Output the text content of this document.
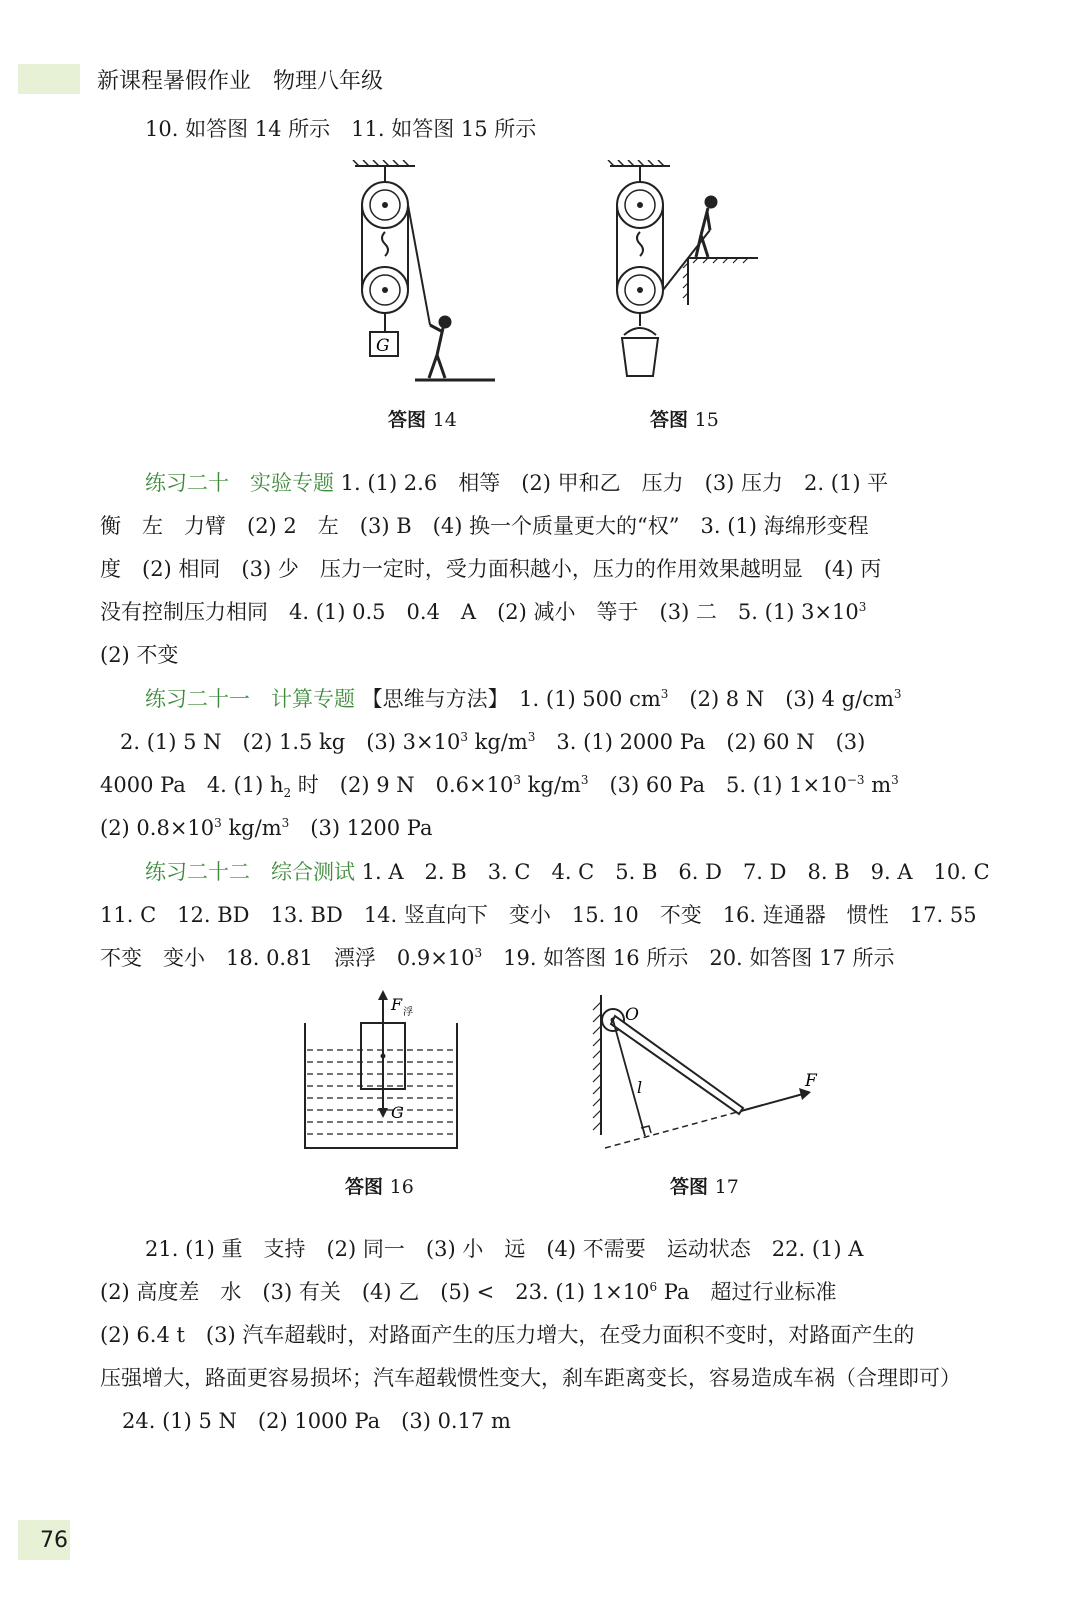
新课程暑假作业　物理八年级
10. 如答图 14 所示　11. 如答图 15 所示
G
答图 14	答图 15
练习二十　实验专题 1. (1) 2.6　相等　(2) 甲和乙　压力　(3) 压力　2. (1) 平
衡　左　力臂　(2) 2　左　(3) B　(4) 换一个质量更大的“权”　3. (1) 海绵形变程
度　(2) 相同　(3) 少　压力一定时，受力面积越小，压力的作用效果越明显　(4) 丙
没有控制压力相同　4. (1) 0.5　0.4　A　(2) 减小　等于　(3) 二　5. (1) $3\times 10^3$
(2) 不变
练习二十一　计算专题 【思维与方法】　1. (1) 500 $cm^3$　(2) 8 N　(3) 4 $g/cm^3$
2. (1) 5 N　(2) 1.5 kg　(3) $3\times 10^3$ $kg/m^3$　3. (1) 2000 Pa　(2) 60 N　(3)
4000 Pa　4. (1) $h_2$ 时　(2) 9 N　$0.6\times 10^3$ $kg/m^3$　(3) 60 Pa　5. (1) $1\times 10^{-3}$ $m^3$
(2) $0.8\times 10^3$ $kg/m^3$　(3) 1200 Pa
练习二十二　综合测试 1. A　2. B　3. C　4. C　5. B　6. D　7. D　8. B　9. A　10. C
11. C　12. BD　13. BD　14. 竖直向下　变小　15. 10　不变　16. 连通器　惯性　17. 55
不变　变小　18. 0.81　漂浮　$0.9\times 10^3$　19. 如答图 16 所示　20. 如答图 17 所示
F 浮
G
答图 16
O
l	F
答图 17
21. (1) 重　支持　(2) 同一　(3) 小　远　(4) 不需要　运动状态　22. (1) A
(2) 高度差　水　(3) 有关　(4) 乙　(5) <　23. (1) $1\times 10^6$ Pa　超过行业标准
(2) 6.4 t　(3) 汽车超载时，对路面产生的压力增大，在受力面积不变时，对路面产生的
压强增大，路面更容易损坏；汽车超载惯性变大，刹车距离变长，容易造成车祸（合理即可）
24. (1) 5 N　(2) 1000 Pa　(3) 0.17 m
76
